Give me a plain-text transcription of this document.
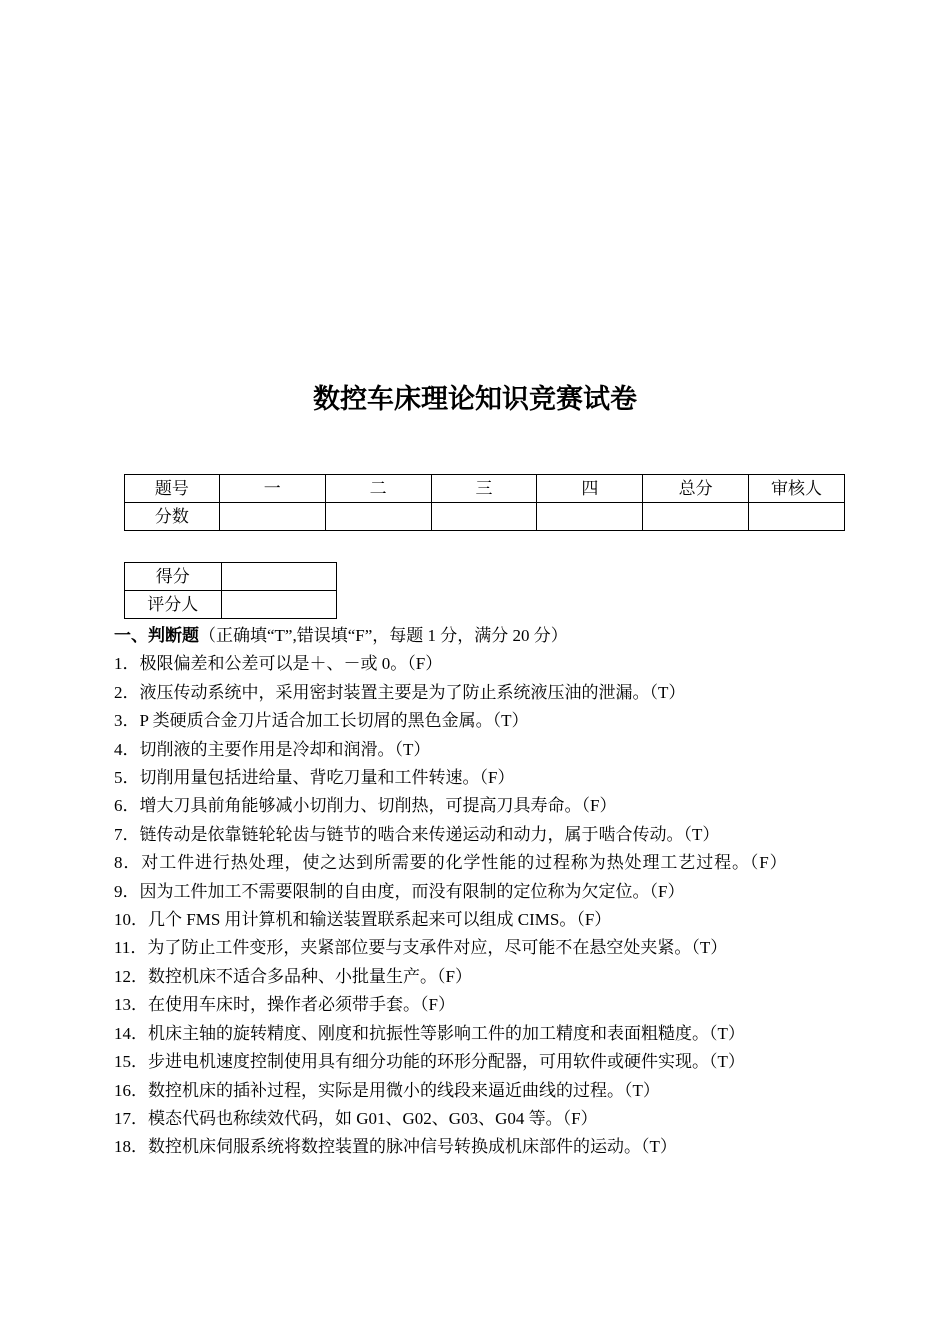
数控车床理论知识竞赛试卷
题号	一	二	三	四	总分	审核人
分数						
得分	
评分人	
一、判断题（正确填“T”,错误填“F”，每题 1 分，满分 20 分）
1．极限偏差和公差可以是＋、－或 0。（F）
2．液压传动系统中，采用密封装置主要是为了防止系统液压油的泄漏。（T）
3．P 类硬质合金刀片适合加工长切屑的黑色金属。（T）
4．切削液的主要作用是冷却和润滑。（T）
5．切削用量包括进给量、背吃刀量和工件转速。（F）
6．增大刀具前角能够减小切削力、切削热，可提高刀具寿命。（F）
7．链传动是依靠链轮轮齿与链节的啮合来传递运动和动力，属于啮合传动。（T）
8．对工件进行热处理，使之达到所需要的化学性能的过程称为热处理工艺过程。（F）
9．因为工件加工不需要限制的自由度，而没有限制的定位称为欠定位。（F）
10．几个 FMS 用计算机和输送装置联系起来可以组成 CIMS。（F）
11．为了防止工件变形，夹紧部位要与支承件对应，尽可能不在悬空处夹紧。（T）
12．数控机床不适合多品种、小批量生产。（F）
13．在使用车床时，操作者必须带手套。（F）
14．机床主轴的旋转精度、刚度和抗振性等影响工件的加工精度和表面粗糙度。（T）
15．步进电机速度控制使用具有细分功能的环形分配器，可用软件或硬件实现。（T）
16．数控机床的插补过程，实际是用微小的线段来逼近曲线的过程。（T）
17．模态代码也称续效代码，如 G01、G02、G03、G04 等。（F）
18．数控机床伺服系统将数控装置的脉冲信号转换成机床部件的运动。（T）
